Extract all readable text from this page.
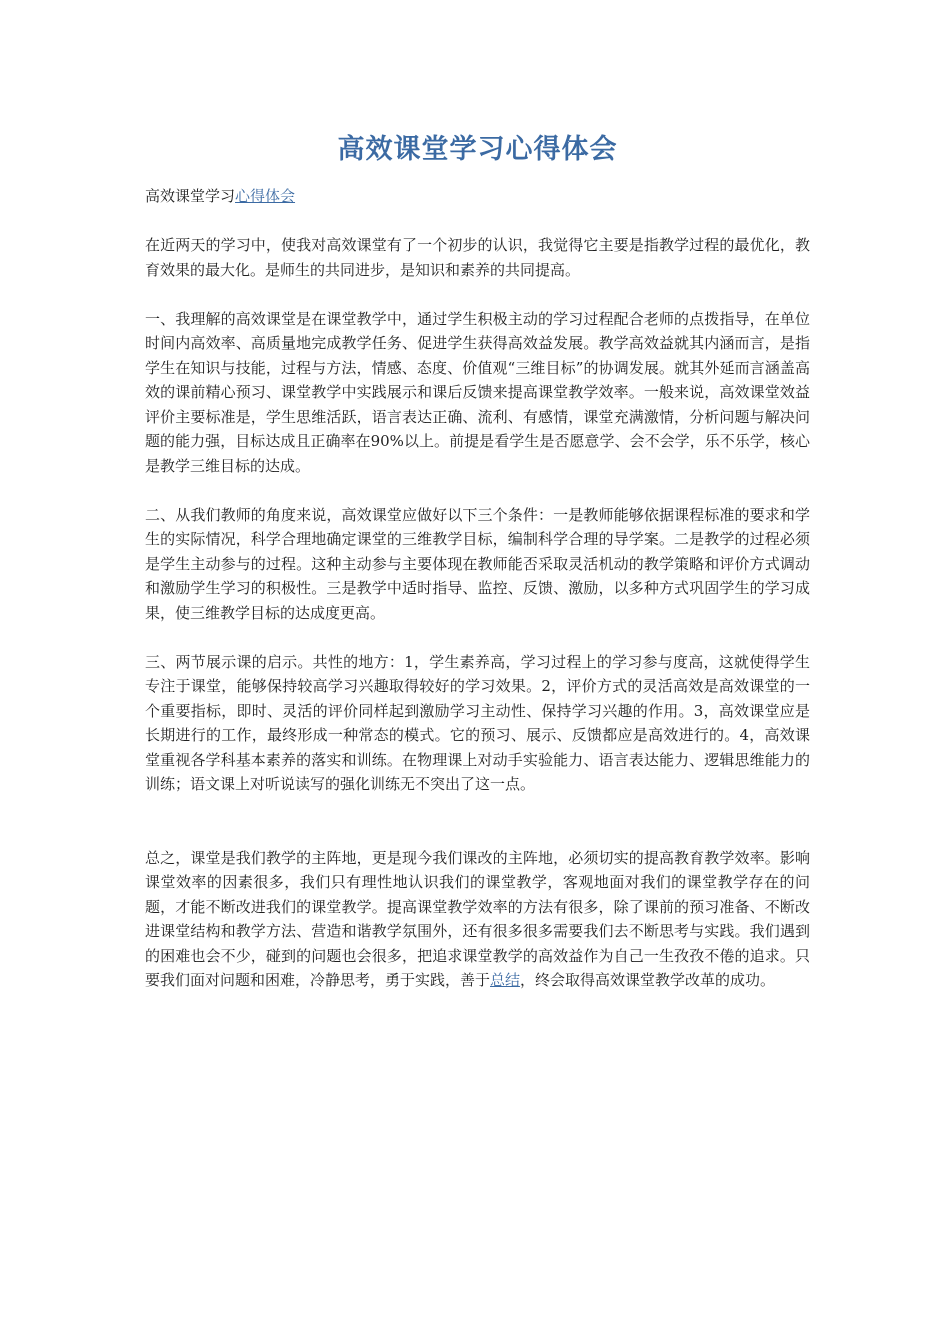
高效课堂学习心得体会

高效课堂学习心得体会

在近两天的学习中，使我对高效课堂有了一个初步的认识，我觉得它主要是指教学过程的最优化，教育效果的最大化。是师生的共同进步，是知识和素养的共同提高。

一、我理解的高效课堂是在课堂教学中，通过学生积极主动的学习过程配合老师的点拨指导，在单位时间内高效率、高质量地完成教学任务、促进学生获得高效益发展。教学高效益就其内涵而言，是指学生在知识与技能，过程与方法，情感、态度、价值观“三维目标”的协调发展。就其外延而言涵盖高效的课前精心预习、课堂教学中实践展示和课后反馈来提高课堂教学效率。一般来说，高效课堂效益评价主要标准是，学生思维活跃，语言表达正确、流利、有感情，课堂充满激情，分析问题与解决问题的能力强，目标达成且正确率在90%以上。前提是看学生是否愿意学、会不会学，乐不乐学，核心是教学三维目标的达成。

二、从我们教师的角度来说，高效课堂应做好以下三个条件：一是教师能够依据课程标准的要求和学生的实际情况，科学合理地确定课堂的三维教学目标，编制科学合理的导学案。二是教学的过程必须是学生主动参与的过程。这种主动参与主要体现在教师能否采取灵活机动的教学策略和评价方式调动和激励学生学习的积极性。三是教学中适时指导、监控、反馈、激励，以多种方式巩固学生的学习成果，使三维教学目标的达成度更高。

三、两节展示课的启示。共性的地方：1，学生素养高，学习过程上的学习参与度高，这就使得学生专注于课堂，能够保持较高学习兴趣取得较好的学习效果。2，评价方式的灵活高效是高效课堂的一个重要指标，即时、灵活的评价同样起到激励学习主动性、保持学习兴趣的作用。3，高效课堂应是长期进行的工作，最终形成一种常态的模式。它的预习、展示、反馈都应是高效进行的。4，高效课堂重视各学科基本素养的落实和训练。在物理课上对动手实验能力、语言表达能力、逻辑思维能力的训练；语文课上对听说读写的强化训练无不突出了这一点。

总之，课堂是我们教学的主阵地，更是现今我们课改的主阵地，必须切实的提高教育教学效率。影响课堂效率的因素很多，我们只有理性地认识我们的课堂教学，客观地面对我们的课堂教学存在的问题，才能不断改进我们的课堂教学。提高课堂教学效率的方法有很多，除了课前的预习准备、不断改进课堂结构和教学方法、营造和谐教学氛围外，还有很多很多需要我们去不断思考与实践。我们遇到的困难也会不少，碰到的问题也会很多，把追求课堂教学的高效益作为自己一生孜孜不倦的追求。只要我们面对问题和困难，冷静思考，勇于实践，善于总结，终会取得高效课堂教学改革的成功。
